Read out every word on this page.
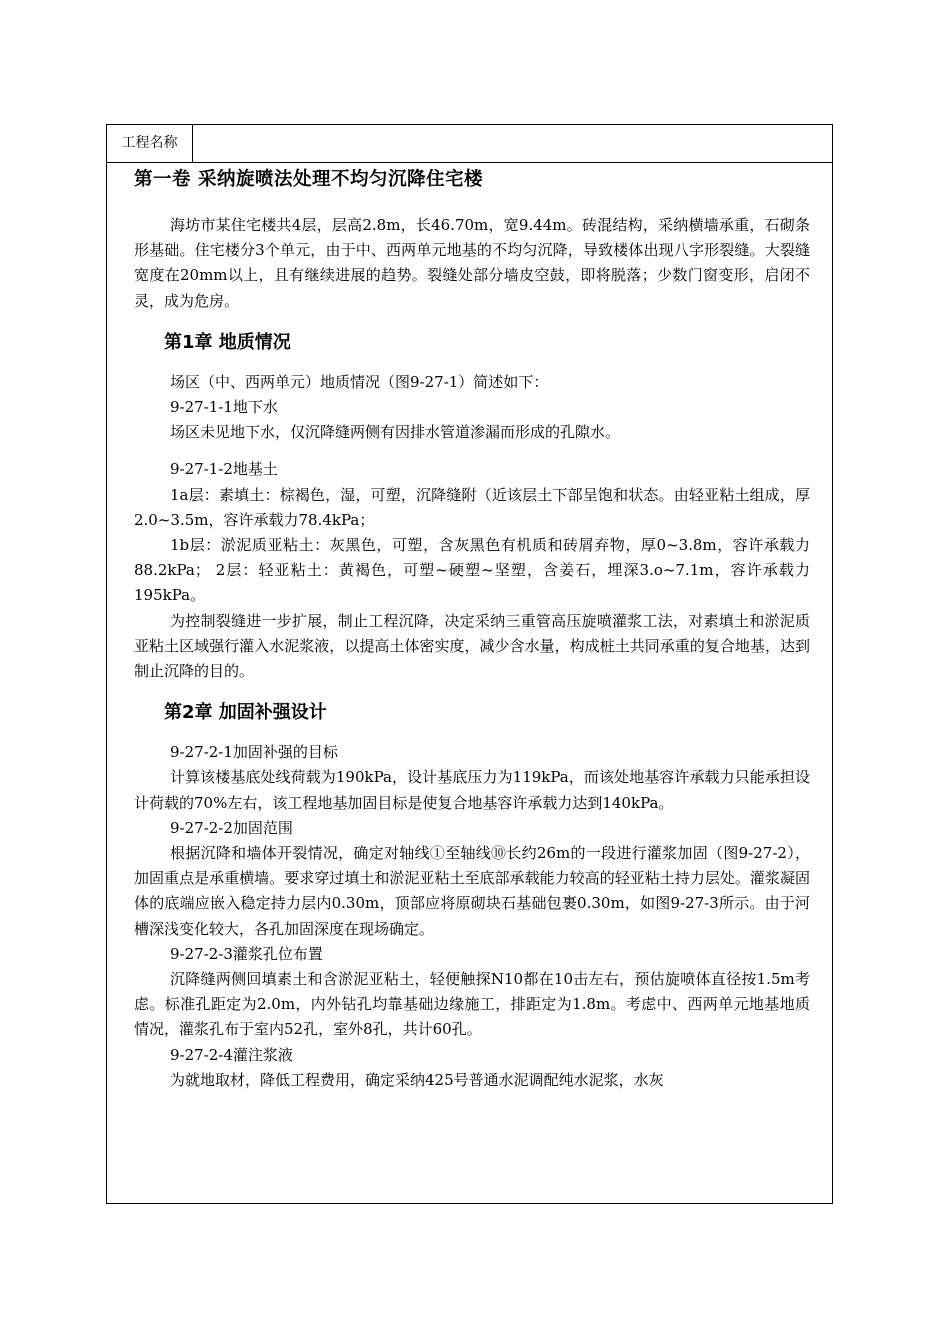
工程名称
第一卷 采纳旋喷法处理不均匀沉降住宅楼

海坊市某住宅楼共4层，层高2.8m，长46.70m，宽9.44m。砖混结构，采纳横墙承重，石砌条形基础。住宅楼分3个单元，由于中、西两单元地基的不均匀沉降，导致楼体出现八字形裂缝。大裂缝宽度在20mm以上，且有继续进展的趋势。裂缝处部分墙皮空鼓，即将脱落；少数门窗变形，启闭不灵，成为危房。

第1章 地质情况

场区（中、西两单元）地质情况（图9-27-1）简述如下：

9-27-1-1地下水

场区未见地下水，仅沉降缝两侧有因排水管道渗漏而形成的孔隙水。

9-27-1-2地基土

1a层：素填土：棕褐色，湿，可塑，沉降缝附（近该层土下部呈饱和状态。由轻亚粘土组成，厚2.0~3.5m，容许承载力78.4kPa；

1b层：淤泥质亚粘土：灰黑色，可塑，含灰黑色有机质和砖屑弃物，厚0~3.8m，容许承载力88.2kPa； 2层：轻亚粘土：黄褐色，可塑~硬塑~坚塑，含姜石，埋深3.o~7.1m，容许承载力195kPa。

为控制裂缝进一步扩展，制止工程沉降，决定采纳三重管高压旋喷灌浆工法，对素填土和淤泥质亚粘土区域强行灌入水泥浆液，以提高土体密实度，减少含水量，构成桩土共同承重的复合地基，达到制止沉降的目的。

第2章 加固补强设计

9-27-2-1加固补强的目标

计算该楼基底处线荷载为190kPa，设计基底压力为119kPa，而该处地基容许承载力只能承担设计荷载的70%左右，该工程地基加固目标是使复合地基容许承载力达到140kPa。

9-27-2-2加固范围

根据沉降和墙体开裂情况，确定对轴线①至轴线⑩长约26m的一段进行灌浆加固（图9-27-2），加固重点是承重横墙。要求穿过填土和淤泥亚粘土至底部承载能力较高的轻亚粘土持力层处。灌浆凝固体的底端应嵌入稳定持力层内0.30m，顶部应将原砌块石基础包裹0.30m，如图9-27-3所示。由于河槽深浅变化较大，各孔加固深度在现场确定。

9-27-2-3灌浆孔位布置

沉降缝两侧回填素土和含淤泥亚粘土，轻便触探N10都在10击左右，预估旋喷体直径按1.5m考虑。标准孔距定为2.0m，内外钻孔均靠基础边缘施工，排距定为1.8m。考虑中、西两单元地基地质情况，灌浆孔布于室内52孔，室外8孔，共计60孔。

9-27-2-4灌注浆液

为就地取材，降低工程费用，确定采纳425号普通水泥调配纯水泥浆，水灰
